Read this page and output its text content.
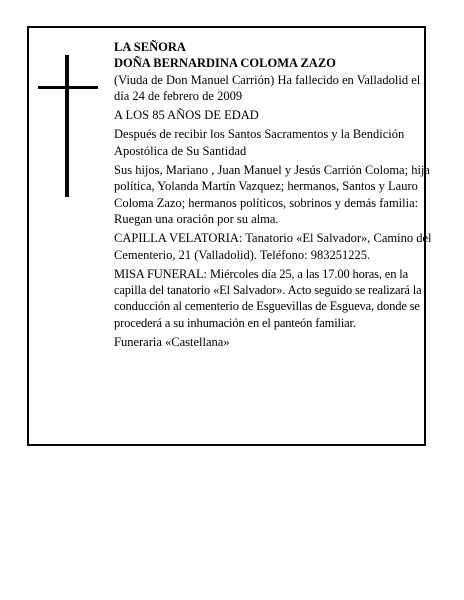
LA SEÑORA

DOÑA BERNARDINA COLOMA ZAZO

(Viuda de Don Manuel Carrión) Ha fallecido en Valladolid el día 24 de febrero de 2009

A LOS 85 AÑOS DE EDAD

Después de recibir los Santos Sacramentos y la Bendición Apostólica de Su Santidad

Sus hijos, Mariano , Juan Manuel y Jesús Carrión Coloma; hija política, Yolanda Martín Vazquez; hermanos, Santos y Lauro Coloma Zazo; hermanos políticos, sobrinos y demás familia:

Ruegan una oración por su alma.

CAPILLA VELATORIA: Tanatorio «El Salvador», Camino del Cementerio, 21 (Valladolid). Teléfono: 983251225.

MISA FUNERAL: Miércoles día 25, a las 17.00 horas, en la capilla del tanatorio «El Salvador». Acto seguido se realizará la conducción al cementerio de Esguevillas de Esgueva, donde se procederá a su inhumación en el panteón familiar.

Funeraria «Castellana»
